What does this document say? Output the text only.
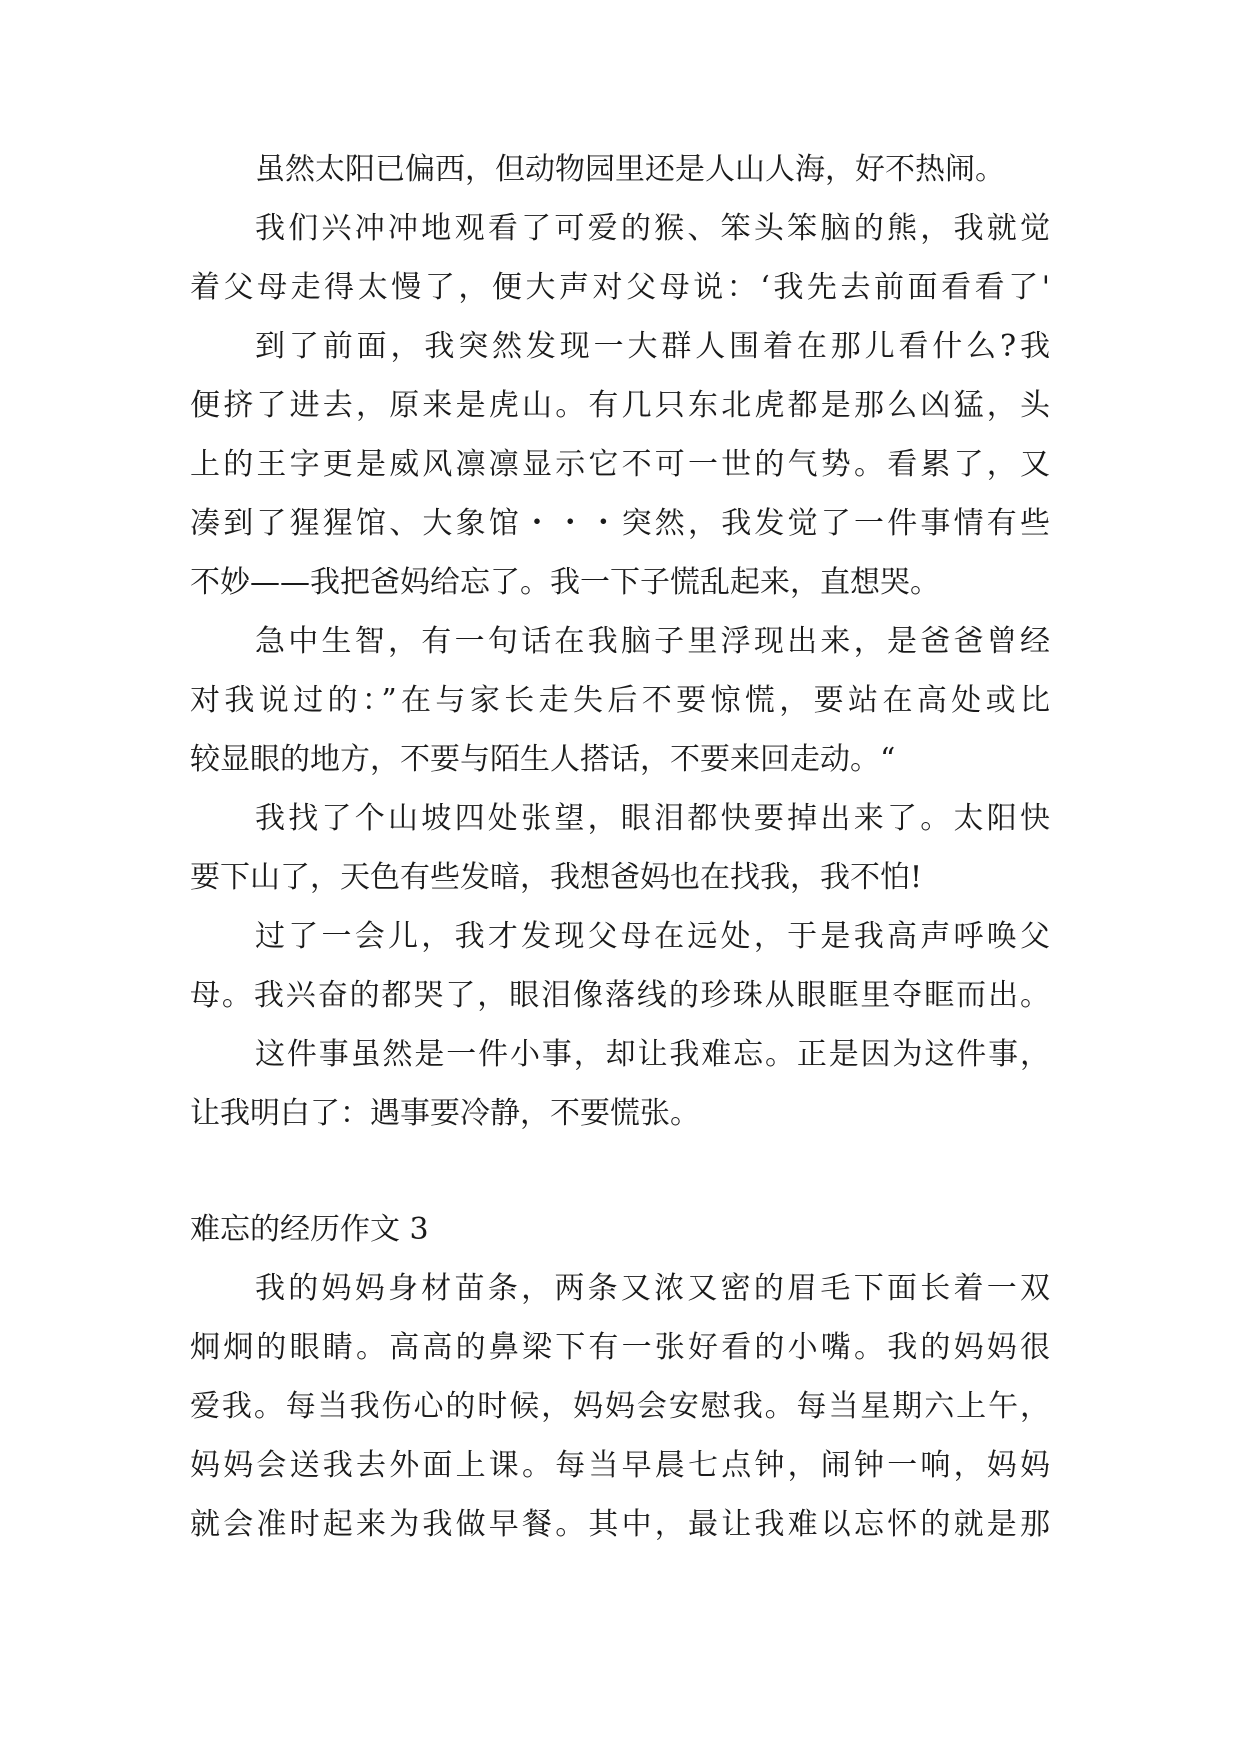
虽然太阳已偏西，但动物园里还是人山人海，好不热闹。
我们兴冲冲地观看了可爱的猴、笨头笨脑的熊，我就觉
着父母走得太慢了，便大声对父母说：‘我先去前面看看了'
到了前面，我突然发现一大群人围着在那儿看什么?我
便挤了进去，原来是虎山。有几只东北虎都是那么凶猛，头
上的王字更是威风凛凛显示它不可一世的气势。看累了，又
凑到了猩猩馆、大象馆・・・突然，我发觉了一件事情有些
不妙——我把爸妈给忘了。我一下子慌乱起来，直想哭。
急中生智，有一句话在我脑子里浮现出来，是爸爸曾经
对我说过的：”在与家长走失后不要惊慌，要站在高处或比
较显眼的地方，不要与陌生人搭话，不要来回走动。“
我找了个山坡四处张望，眼泪都快要掉出来了。太阳快
要下山了，天色有些发暗，我想爸妈也在找我，我不怕!
过了一会儿，我才发现父母在远处，于是我高声呼唤父
母。我兴奋的都哭了，眼泪像落线的珍珠从眼眶里夺眶而出。
这件事虽然是一件小事，却让我难忘。正是因为这件事，
让我明白了：遇事要冷静，不要慌张。
难忘的经历作文 3
我的妈妈身材苗条，两条又浓又密的眉毛下面长着一双
炯炯的眼睛。高高的鼻梁下有一张好看的小嘴。我的妈妈很
爱我。每当我伤心的时候，妈妈会安慰我。每当星期六上午，
妈妈会送我去外面上课。每当早晨七点钟，闹钟一响，妈妈
就会准时起来为我做早餐。其中，最让我难以忘怀的就是那
